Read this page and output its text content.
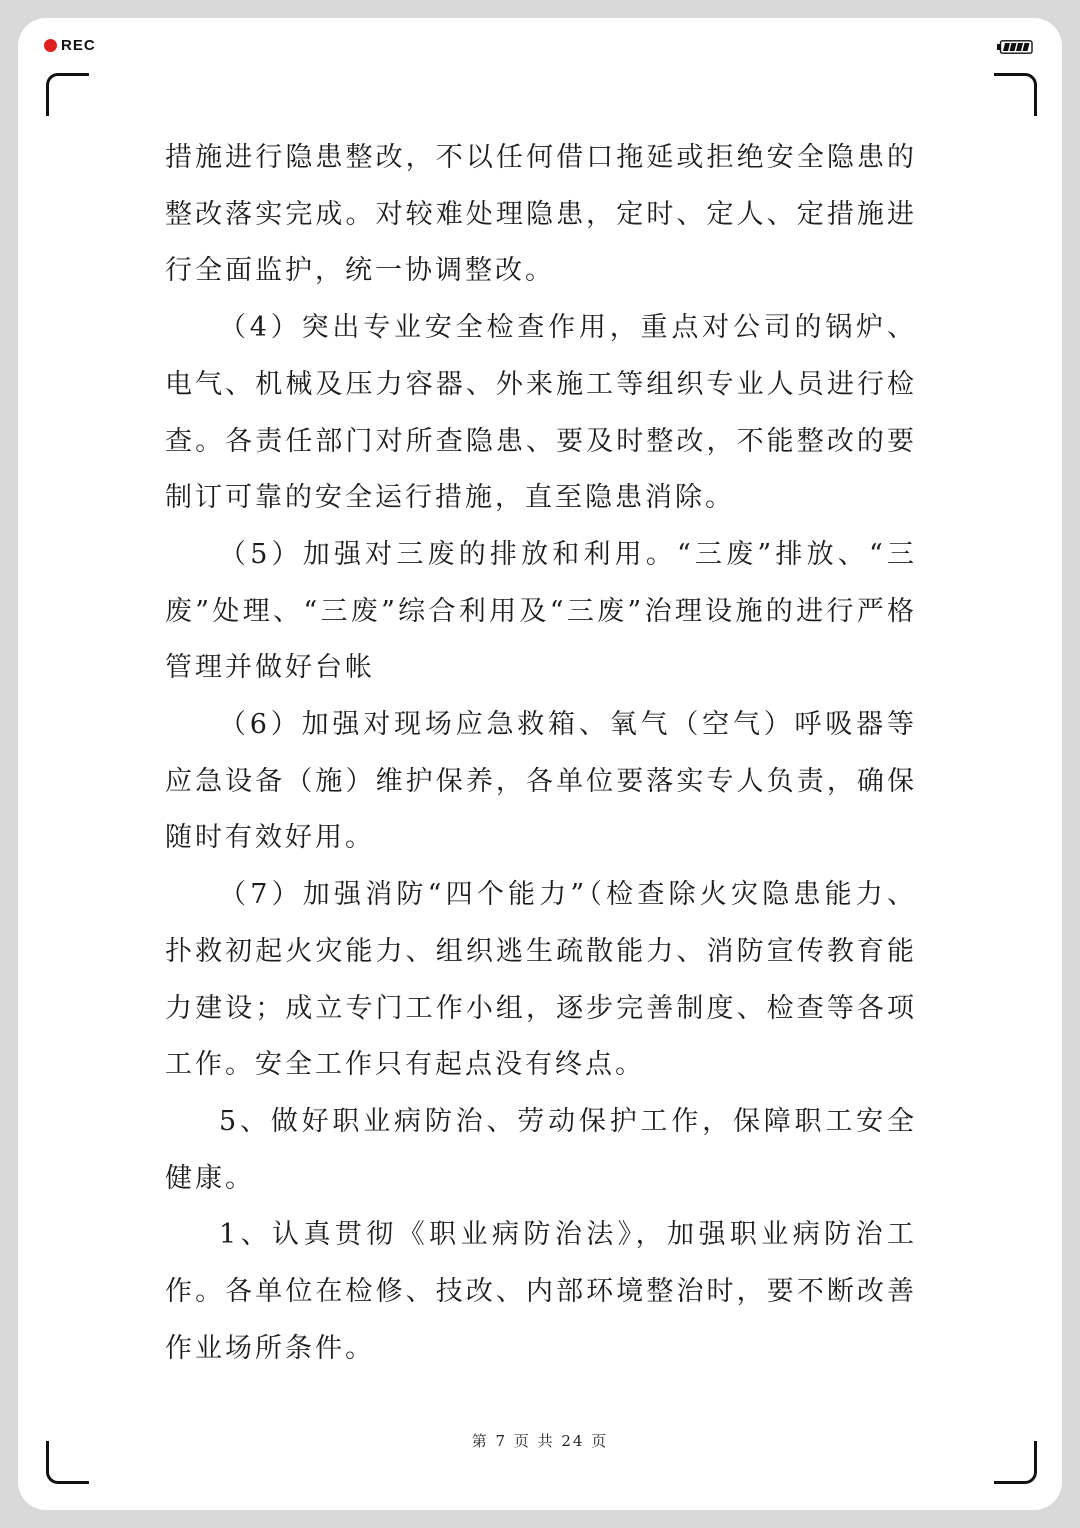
REC

措施进行隐患整改，不以任何借口拖延或拒绝安全隐患的整改落实完成。对较难处理隐患，定时、定人、定措施进行全面监护，统一协调整改。

（4）突出专业安全检查作用，重点对公司的锅炉、电气、机械及压力容器、外来施工等组织专业人员进行检查。各责任部门对所查隐患、要及时整改，不能整改的要制订可靠的安全运行措施，直至隐患消除。

（5）加强对三废的排放和利用。“三废”排放、“三废”处理、“三废”综合利用及“三废”治理设施的进行严格管理并做好台帐

（6）加强对现场应急救箱、氧气（空气）呼吸器等应急设备（施）维护保养，各单位要落实专人负责，确保随时有效好用。

（7）加强消防“四个能力”（检查除火灾隐患能力、扑救初起火灾能力、组织逃生疏散能力、消防宣传教育能力建设；成立专门工作小组，逐步完善制度、检查等各项工作。安全工作只有起点没有终点。

5、做好职业病防治、劳动保护工作，保障职工安全健康。

1、认真贯彻《职业病防治法》，加强职业病防治工作。各单位在检修、技改、内部环境整治时，要不断改善作业场所条件。

第 7 页 共 24 页
